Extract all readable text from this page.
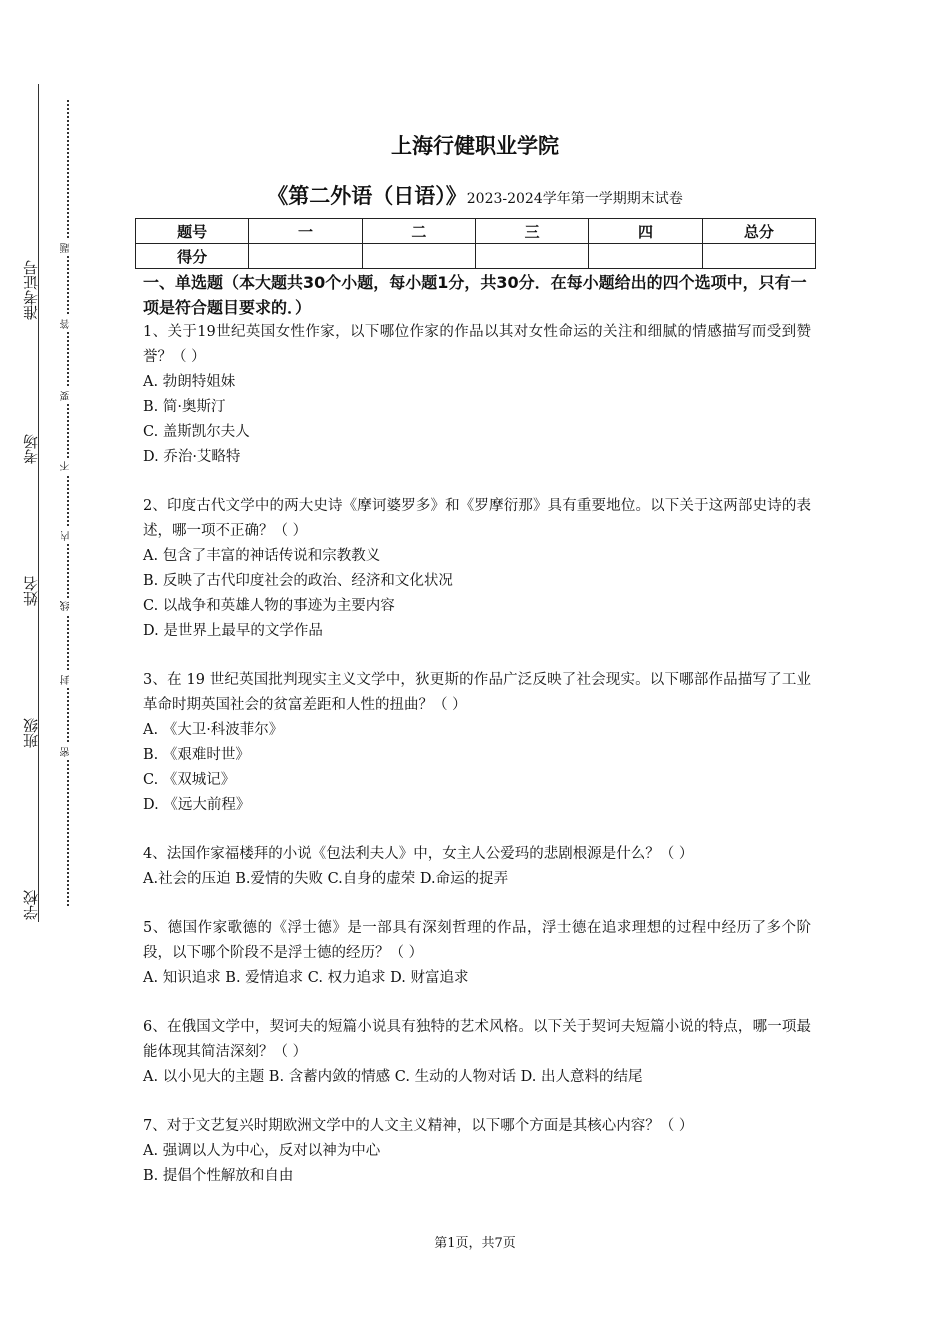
学校
班级
姓名
考场
准考证号
题
答
要
不
内
线
封
密
上海行健职业学院
《第二外语（日语）》2023-2024学年第一学期期末试卷
题号	一	二	三	四	总分
得分					
一、单选题（本大题共30个小题，每小题1分，共30分．在每小题给出的四个选项中，只有一项是符合题目要求的．）
1、关于19世纪英国女性作家，以下哪位作家的作品以其对女性命运的关注和细腻的情感描写而受到赞誉？（ ）
A. 勃朗特姐妹
B. 简·奥斯汀
C. 盖斯凯尔夫人
D. 乔治·艾略特
2、印度古代文学中的两大史诗《摩诃婆罗多》和《罗摩衍那》具有重要地位。以下关于这两部史诗的表述，哪一项不正确？（ ）
A. 包含了丰富的神话传说和宗教教义
B. 反映了古代印度社会的政治、经济和文化状况
C. 以战争和英雄人物的事迹为主要内容
D. 是世界上最早的文学作品
3、在 19 世纪英国批判现实主义文学中，狄更斯的作品广泛反映了社会现实。以下哪部作品描写了工业革命时期英国社会的贫富差距和人性的扭曲？（ ）
A. 《大卫·科波菲尔》
B. 《艰难时世》
C. 《双城记》
D. 《远大前程》
4、法国作家福楼拜的小说《包法利夫人》中，女主人公爱玛的悲剧根源是什么？（ ）
A.社会的压迫 B.爱情的失败 C.自身的虚荣 D.命运的捉弄
5、德国作家歌德的《浮士德》是一部具有深刻哲理的作品，浮士德在追求理想的过程中经历了多个阶段，以下哪个阶段不是浮士德的经历？（ ）
A. 知识追求 B. 爱情追求 C. 权力追求 D. 财富追求
6、在俄国文学中，契诃夫的短篇小说具有独特的艺术风格。以下关于契诃夫短篇小说的特点，哪一项最能体现其简洁深刻？（ ）
A. 以小见大的主题 B. 含蓄内敛的情感 C. 生动的人物对话 D. 出人意料的结尾
7、对于文艺复兴时期欧洲文学中的人文主义精神，以下哪个方面是其核心内容？（ ）
A. 强调以人为中心，反对以神为中心
B. 提倡个性解放和自由
第1页，共7页
